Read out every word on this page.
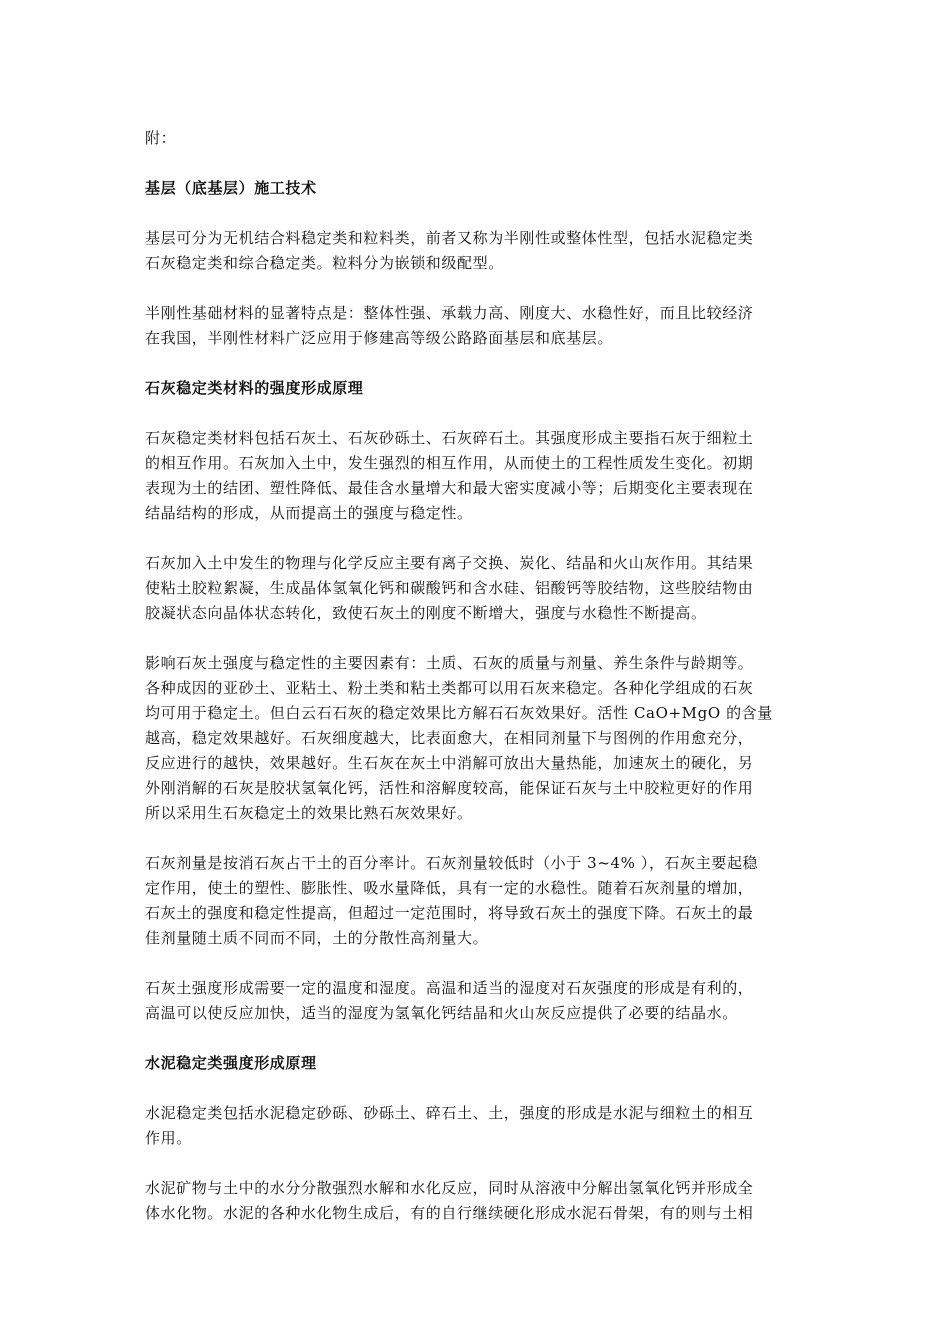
附：

基层（底基层）施工技术

基层可分为无机结合料稳定类和粒料类，前者又称为半刚性或整体性型，包括水泥稳定类
石灰稳定类和综合稳定类。粒料分为嵌锁和级配型。

半刚性基础材料的显著特点是：整体性强、承载力高、刚度大、水稳性好，而且比较经济
在我国，半刚性材料广泛应用于修建高等级公路路面基层和底基层。

石灰稳定类材料的强度形成原理

石灰稳定类材料包括石灰土、石灰砂砾土、石灰碎石土。其强度形成主要指石灰于细粒土
的相互作用。石灰加入土中，发生强烈的相互作用，从而使土的工程性质发生变化。初期
表现为土的结团、塑性降低、最佳含水量增大和最大密实度减小等；后期变化主要表现在
结晶结构的形成，从而提高土的强度与稳定性。

石灰加入土中发生的物理与化学反应主要有离子交换、炭化、结晶和火山灰作用。其结果
使粘土胶粒絮凝，生成晶体氢氧化钙和碳酸钙和含水硅、铝酸钙等胶结物，这些胶结物由
胶凝状态向晶体状态转化，致使石灰土的刚度不断增大，强度与水稳性不断提高。

影响石灰土强度与稳定性的主要因素有：土质、石灰的质量与剂量、养生条件与龄期等。
各种成因的亚砂土、亚粘土、粉土类和粘土类都可以用石灰来稳定。各种化学组成的石灰
均可用于稳定土。但白云石石灰的稳定效果比方解石石灰效果好。活性 CaO+MgO 的含量
越高，稳定效果越好。石灰细度越大，比表面愈大，在相同剂量下与图例的作用愈充分，
反应进行的越快，效果越好。生石灰在灰土中消解可放出大量热能，加速灰土的硬化，另
外刚消解的石灰是胶状氢氧化钙，活性和溶解度较高，能保证石灰与土中胶粒更好的作用
所以采用生石灰稳定土的效果比熟石灰效果好。

石灰剂量是按消石灰占干土的百分率计。石灰剂量较低时（小于 3~4% ），石灰主要起稳
定作用，使土的塑性、膨胀性、吸水量降低，具有一定的水稳性。随着石灰剂量的增加，
石灰土的强度和稳定性提高，但超过一定范围时，将导致石灰土的强度下降。石灰土的最
佳剂量随土质不同而不同，土的分散性高剂量大。

石灰土强度形成需要一定的温度和湿度。高温和适当的湿度对石灰强度的形成是有利的，
高温可以使反应加快，适当的湿度为氢氧化钙结晶和火山灰反应提供了必要的结晶水。

水泥稳定类强度形成原理

水泥稳定类包括水泥稳定砂砾、砂砾土、碎石土、土，强度的形成是水泥与细粒土的相互
作用。

水泥矿物与土中的水分分散强烈水解和水化反应，同时从溶液中分解出氢氧化钙并形成全
体水化物。水泥的各种水化物生成后，有的自行继续硬化形成水泥石骨架，有的则与土相
